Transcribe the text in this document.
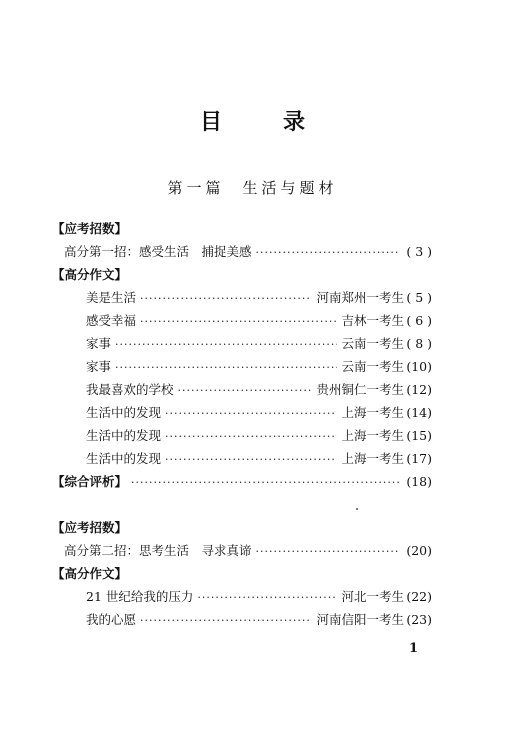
目	录
第一篇 生活与题材
【应考招数】
高分第一招：感受生活　捕捉美感 ·····	( 3 )
【高分作文】
美是生活 ·····	河南郑州一考生 ( 5 )
感受幸福 ·····	吉林一考生 ( 6 )
家事 ·····	云南一考生 ( 8 )
家事 ·····	云南一考生 (10)
我最喜欢的学校 ·····	贵州铜仁一考生 (12)
生活中的发现 ·····	上海一考生 (14)
生活中的发现 ·····	上海一考生 (15)
生活中的发现 ·····	上海一考生 (17)
【综合评析】 ·····	(18)
【应考招数】
高分第二招：思考生活　寻求真谛 ·····	(20)
【高分作文】
21 世纪给我的压力 ·····	河北一考生 (22)
我的心愿 ·····	河南信阳一考生 (23)
1
